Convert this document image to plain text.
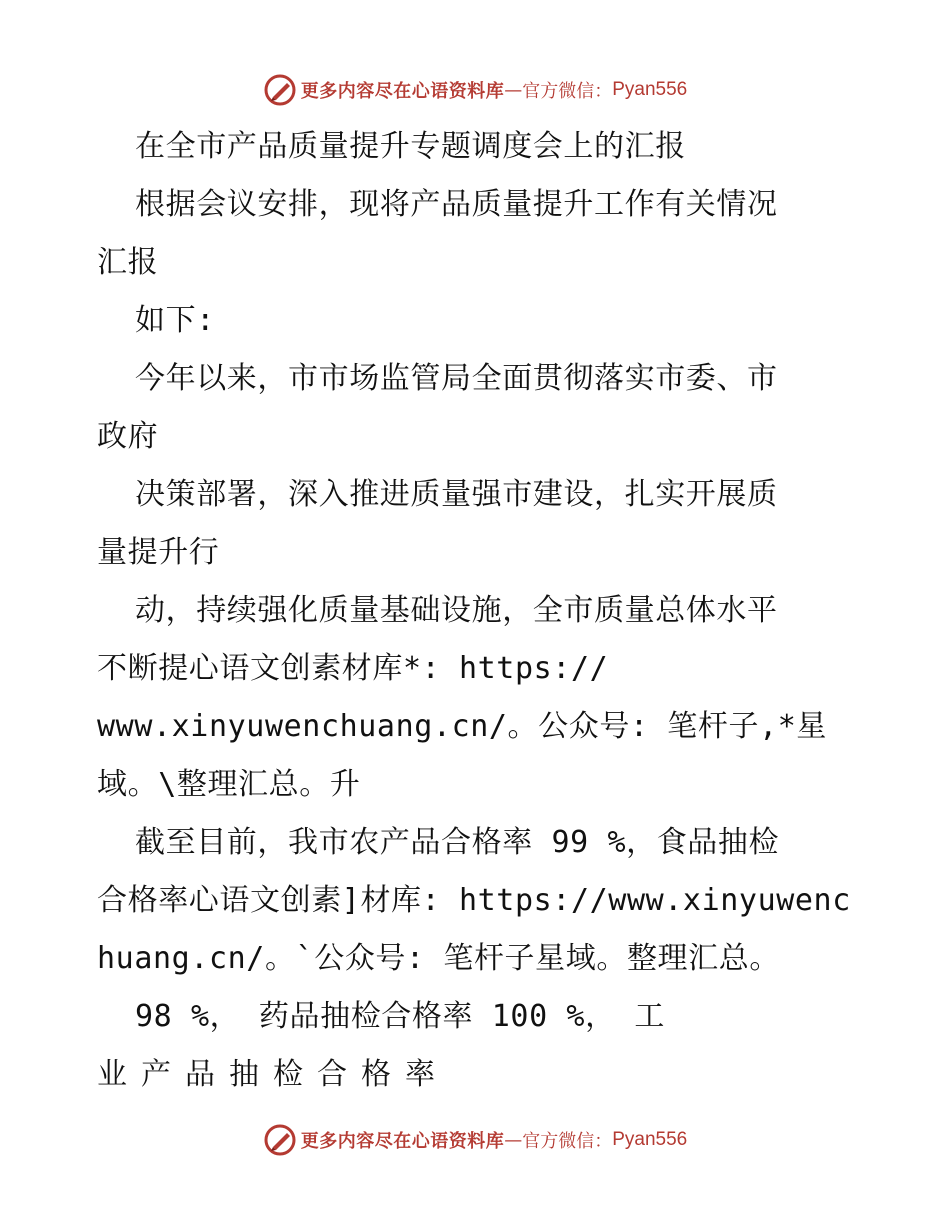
更多内容尽在心语资料库 — 官方微信： Pyan556
在全市产品质量提升专题调度会上的汇报
根据会议安排，现将产品质量提升工作有关情况
汇报
如下:
今年以来，市市场监管局全面贯彻落实市委、市
政府
决策部署，深入推进质量强市建设，扎实开展质
量提升行
动，持续强化质量基础设施，全市质量总体水平
不断提心语文创素材库*: https://
www.xinyuwenchuang.cn/。公众号: 笔杆子,*星
域。\整理汇总。升
截至目前，我市农产品合格率 99 %，食品抽检
合格率心语文创素]材库: https://www.xinyuwenc
huang.cn/。`公众号: 笔杆子星域。整理汇总。
98 %， 药品抽检合格率 100 %， 工
业产品抽检合格率
更多内容尽在心语资料库 — 官方微信： Pyan556
